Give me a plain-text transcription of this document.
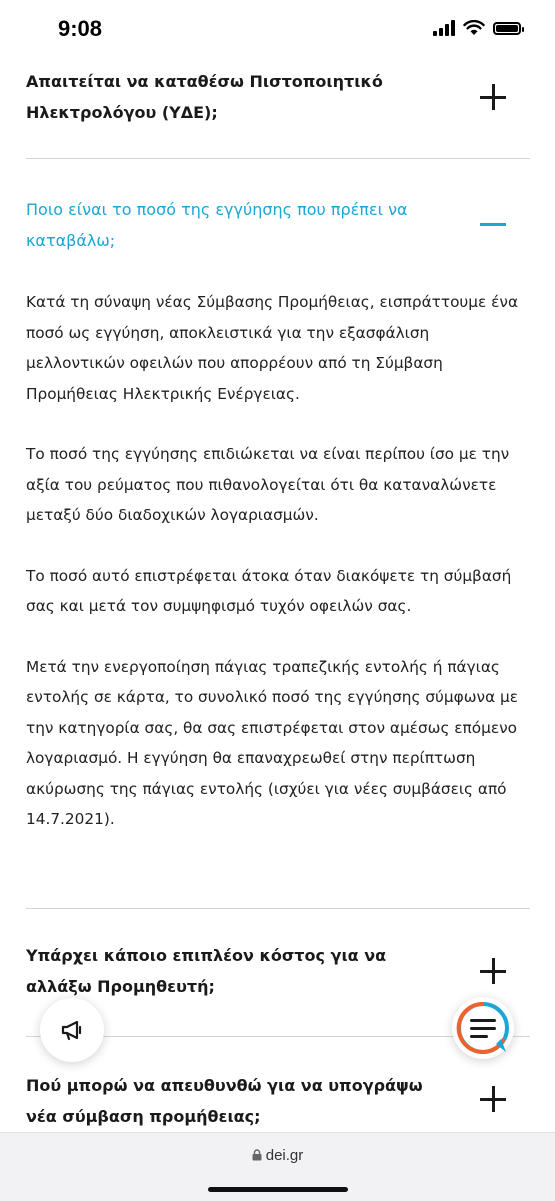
9:08
Απαιτείται να καταθέσω Πιστοποιητικό Ηλεκτρολόγου (ΥΔΕ);
Ποιο είναι το ποσό της εγγύησης που πρέπει να καταβάλω;

Κατά τη σύναψη νέας Σύμβασης Προμήθειας, εισπράττουμε ένα ποσό ως εγγύηση, αποκλειστικά για την εξασφάλιση μελλοντικών οφειλών που απορρέουν από τη Σύμβαση Προμήθειας Ηλεκτρικής Ενέργειας.

Το ποσό της εγγύησης επιδιώκεται να είναι περίπου ίσο με την αξία του ρεύματος που πιθανολογείται ότι θα καταναλώνετε μεταξύ δύο διαδοχικών λογαριασμών.

Το ποσό αυτό επιστρέφεται άτοκα όταν διακόψετε τη σύμβασή σας και μετά τον συμψηφισμό τυχόν οφειλών σας.

Μετά την ενεργοποίηση πάγιας τραπεζικής εντολής ή πάγιας εντολής σε κάρτα, το συνολικό ποσό της εγγύησης σύμφωνα με την κατηγορία σας, θα σας επιστρέφεται στον αμέσως επόμενο λογαριασμό. Η εγγύηση θα επαναχρεωθεί στην περίπτωση ακύρωσης της πάγιας εντολής (ισχύει για νέες συμβάσεις από 14.7.2021).

Υπάρχει κάποιο επιπλέον κόστος για να αλλάξω Προμηθευτή;
Πού μπορώ να απευθυνθώ για να υπογράψω νέα σύμβαση προμήθειας;
dei.gr
